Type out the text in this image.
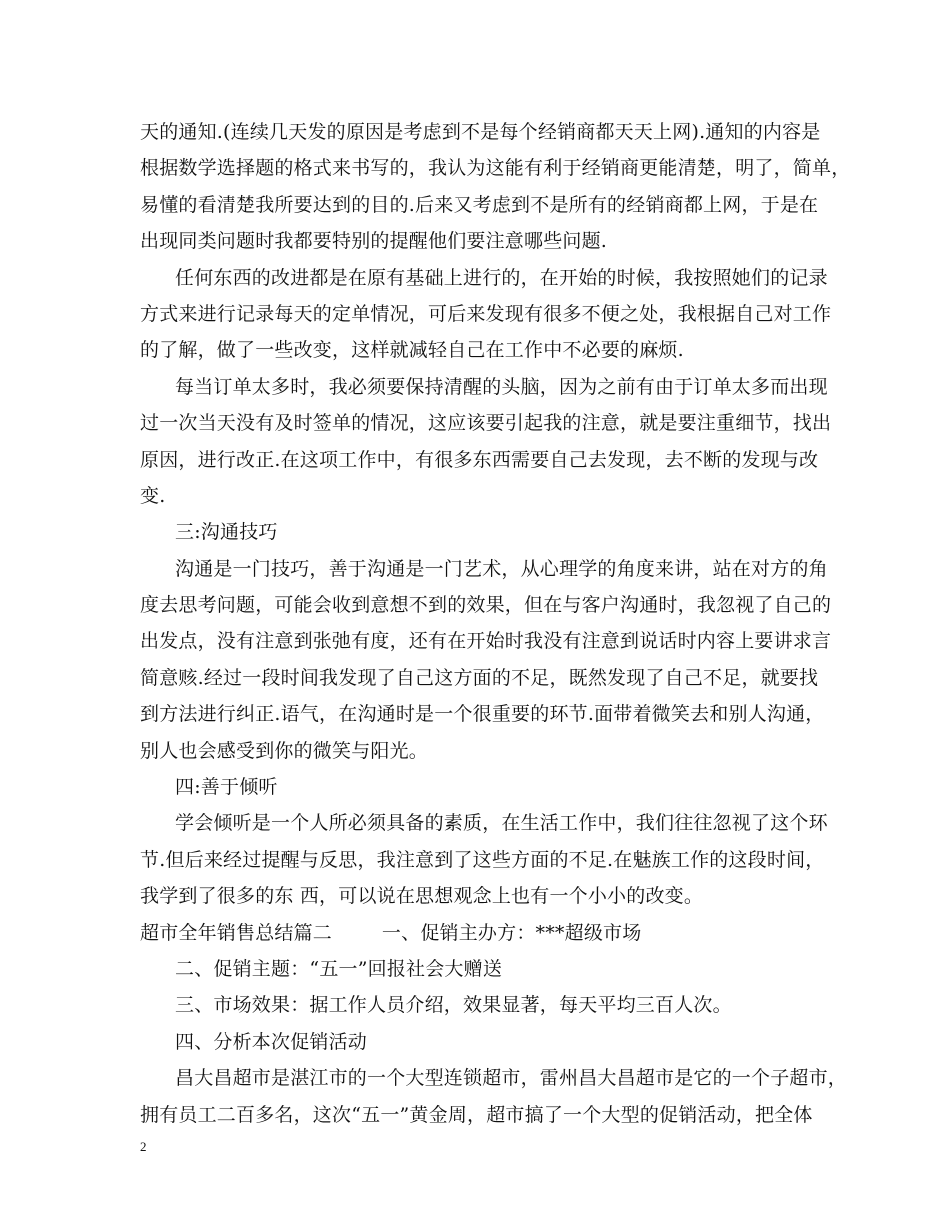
天的通知.(连续几天发的原因是考虑到不是每个经销商都天天上网).通知的内容是
根据数学选择题的格式来书写的，我认为这能有利于经销商更能清楚，明了，简单，
易懂的看清楚我所要达到的目的.后来又考虑到不是所有的经销商都上网，于是在
出现同类问题时我都要特别的提醒他们要注意哪些问题.
任何东西的改进都是在原有基础上进行的，在开始的时候，我按照她们的记录
方式来进行记录每天的定单情况，可后来发现有很多不便之处，我根据自己对工作
的了解，做了一些改变，这样就减轻自己在工作中不必要的麻烦.
每当订单太多时，我必须要保持清醒的头脑，因为之前有由于订单太多而出现
过一次当天没有及时签单的情况，这应该要引起我的注意，就是要注重细节，找出
原因，进行改正.在这项工作中，有很多东西需要自己去发现，去不断的发现与改
变.
三:沟通技巧
沟通是一门技巧，善于沟通是一门艺术，从心理学的角度来讲，站在对方的角
度去思考问题，可能会收到意想不到的效果，但在与客户沟通时，我忽视了自己的
出发点，没有注意到张弛有度，还有在开始时我没有注意到说话时内容上要讲求言
简意赅.经过一段时间我发现了自己这方面的不足，既然发现了自己不足，就要找
到方法进行纠正.语气，在沟通时是一个很重要的环节.面带着微笑去和别人沟通，
别人也会感受到你的微笑与阳光。
四:善于倾听
学会倾听是一个人所必须具备的素质，在生活工作中，我们往往忽视了这个环
节.但后来经过提醒与反思，我注意到了这些方面的不足.在魅族工作的这段时间，
我学到了很多的东 西，可以说在思想观念上也有一个小小的改变。
超市全年销售总结篇二        一、促销主办方：***超级市场
二、促销主题：“五一”回报社会大赠送
三、市场效果：据工作人员介绍，效果显著，每天平均三百人次。
四、分析本次促销活动
昌大昌超市是湛江市的一个大型连锁超市，雷州昌大昌超市是它的一个子超市，
拥有员工二百多名，这次“五一”黄金周，超市搞了一个大型的促销活动，把全体
2
